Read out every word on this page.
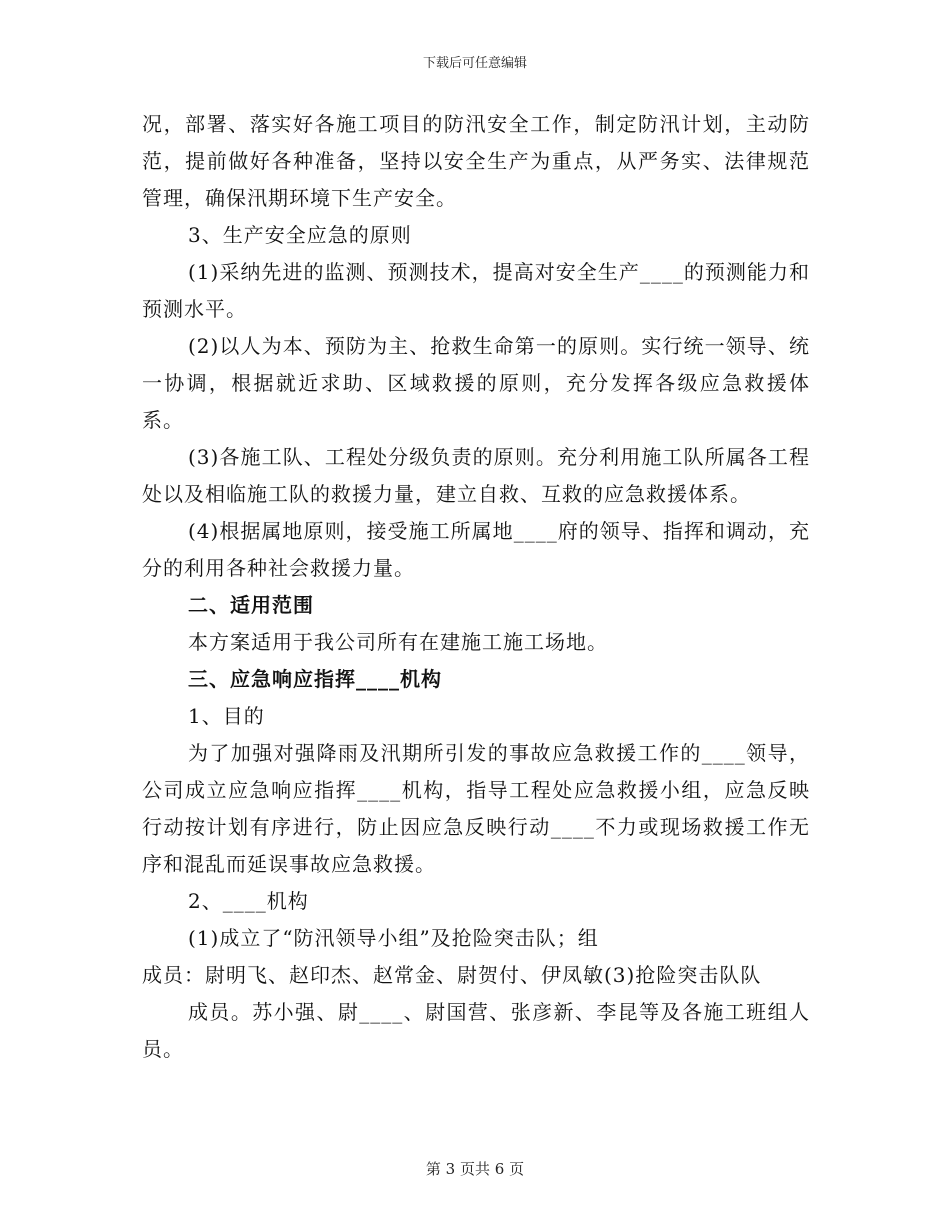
下载后可任意编辑

况，部署、落实好各施工项目的防汛安全工作，制定防汛计划，主动防范，提前做好各种准备，坚持以安全生产为重点，从严务实、法律规范管理，确保汛期环境下生产安全。

3、生产安全应急的原则

(1)采纳先进的监测、预测技术，提高对安全生产____的预测能力和预测水平。

(2)以人为本、预防为主、抢救生命第一的原则。实行统一领导、统一协调，根据就近求助、区域救援的原则，充分发挥各级应急救援体系。

(3)各施工队、工程处分级负责的原则。充分利用施工队所属各工程处以及相临施工队的救援力量，建立自救、互救的应急救援体系。

(4)根据属地原则，接受施工所属地____府的领导、指挥和调动，充分的利用各种社会救援力量。

二、适用范围

本方案适用于我公司所有在建施工施工场地。

三、应急响应指挥____机构

1、目的

为了加强对强降雨及汛期所引发的事故应急救援工作的____领导，公司成立应急响应指挥____机构，指导工程处应急救援小组，应急反映行动按计划有序进行，防止因应急反映行动____不力或现场救援工作无序和混乱而延误事故应急救援。

2、____机构

(1)成立了“防汛领导小组”及抢险突击队；组

成员：尉明飞、赵印杰、赵常金、尉贺付、伊凤敏(3)抢险突击队队

成员。苏小强、尉____、尉国营、张彦新、李昆等及各施工班组人员。

第 3 页共 6 页
